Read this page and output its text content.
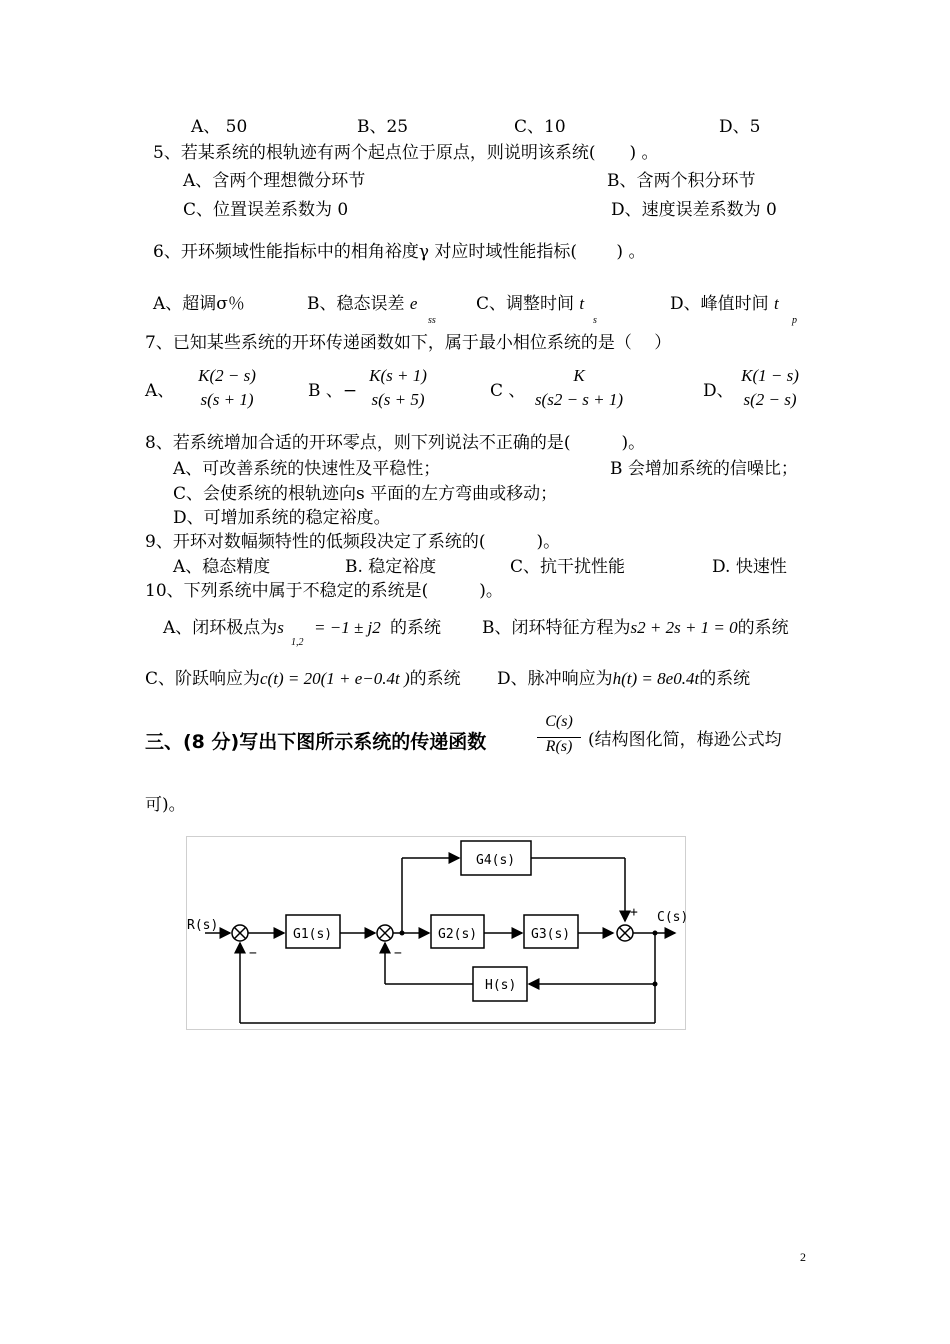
A、 50	B、25	C、10	D、5
5、若某系统的根轨迹有两个起点位于原点，则说明该系统(　　) 。
A、含两个理想微分环节	B、含两个积分环节
C、位置误差系数为 0	D、速度误差系数为 0
6、开环频域性能指标中的相角裕度γ 对应时域性能指标(　　 ) 。
A、超调σ％	B、稳态误差 e
ss
C、调整时间 t
s
D、峰值时间 t
p
7、已知某些系统的开环传递函数如下，属于最小相位系统的是（　 ）
A、
K(2 − s)
s(s + 1)	B 、−
K(s + 1)
s(s + 5)	C 、
K
s(s2 − s + 1)	D、
K(1 − s)
s(2 − s)
8、若系统增加合适的开环零点，则下列说法不正确的是(　　　)。
A、可改善系统的快速性及平稳性；	B 会增加系统的信噪比；
C、会使系统的根轨迹向s 平面的左方弯曲或移动；
D、可增加系统的稳定裕度。
9、开环对数幅频特性的低频段决定了系统的(　　　)。
A、稳态精度	B. 稳定裕度	C、抗干扰性能	D. 快速性
10、下列系统中属于不稳定的系统是(　　　)。
A、闭环极点为s
1,2
= −1 ± j2 的系统 B、闭环特征方程为s2 + 2s + 1 = 0的系统
C、阶跃响应为c(t) = 20(1 + e−0.4t )的系统 D、脉冲响应为h(t) = 8e0.4t的系统
三、(8 分)写出下图所示系统的传递函数	$\frac{C(s)}{R(s)}$ (结构图化简，梅逊公式均
可)。
R(s)
C(s)
G1(s)	G2(s)	G3(s)
G4(s)
H(s)
−	−
+
2
